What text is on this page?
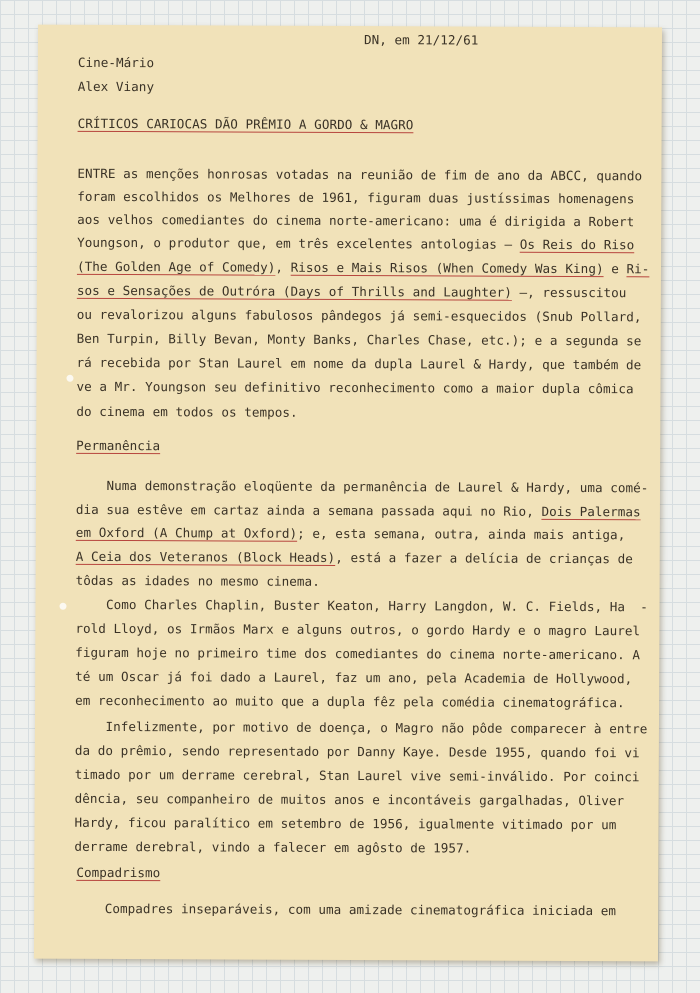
DN, em 21/12/61
Cine-Mário
Alex Viany
CRÍTICOS CARIOCAS DÃO PRÊMIO A GORDO & MAGRO
ENTRE as menções honrosas votadas na reunião de fim de ano da ABCC, quando
foram escolhidos os Melhores de 1961, figuram duas justíssimas homenagens
aos velhos comediantes do cinema norte-americano: uma é dirigida a Robert
Youngson, o produtor que, em três excelentes antologias — Os Reis do Riso
(The Golden Age of Comedy), Risos e Mais Risos (When Comedy Was King) e Ri-
sos e Sensações de Outróra (Days of Thrills and Laughter) —, ressuscitou
ou revalorizou alguns fabulosos pândegos já semi-esquecidos (Snub Pollard,
Ben Turpin, Billy Bevan, Monty Banks, Charles Chase, etc.); e a segunda se
rá recebida por Stan Laurel em nome da dupla Laurel & Hardy, que também de
ve a Mr. Youngson seu definitivo reconhecimento como a maior dupla cômica
do cinema em todos os tempos.
Permanência
Numa demonstração eloqüente da permanência de Laurel & Hardy, uma comé-
dia sua estêve em cartaz ainda a semana passada aqui no Rio, Dois Palermas
em Oxford (A Chump at Oxford); e, esta semana, outra, ainda mais antiga,
A Ceia dos Veteranos (Block Heads), está a fazer a delícia de crianças de
tôdas as idades no mesmo cinema.
Como Charles Chaplin, Buster Keaton, Harry Langdon, W. C. Fields, Ha  -
rold Lloyd, os Irmãos Marx e alguns outros, o gordo Hardy e o magro Laurel
figuram hoje no primeiro time dos comediantes do cinema norte-americano. A
té um Oscar já foi dado a Laurel, faz um ano, pela Academia de Hollywood,
em reconhecimento ao muito que a dupla fêz pela comédia cinematográfica.
Infelizmente, por motivo de doença, o Magro não pôde comparecer à entre
da do prêmio, sendo representado por Danny Kaye. Desde 1955, quando foi vi
timado por um derrame cerebral, Stan Laurel vive semi-inválido. Por coinci
dência, seu companheiro de muitos anos e incontáveis gargalhadas, Oliver
Hardy, ficou paralítico em setembro de 1956, igualmente vitimado por um
derrame derebral, vindo a falecer em agôsto de 1957.
Compadrismo
Compadres inseparáveis, com uma amizade cinematográfica iniciada em
